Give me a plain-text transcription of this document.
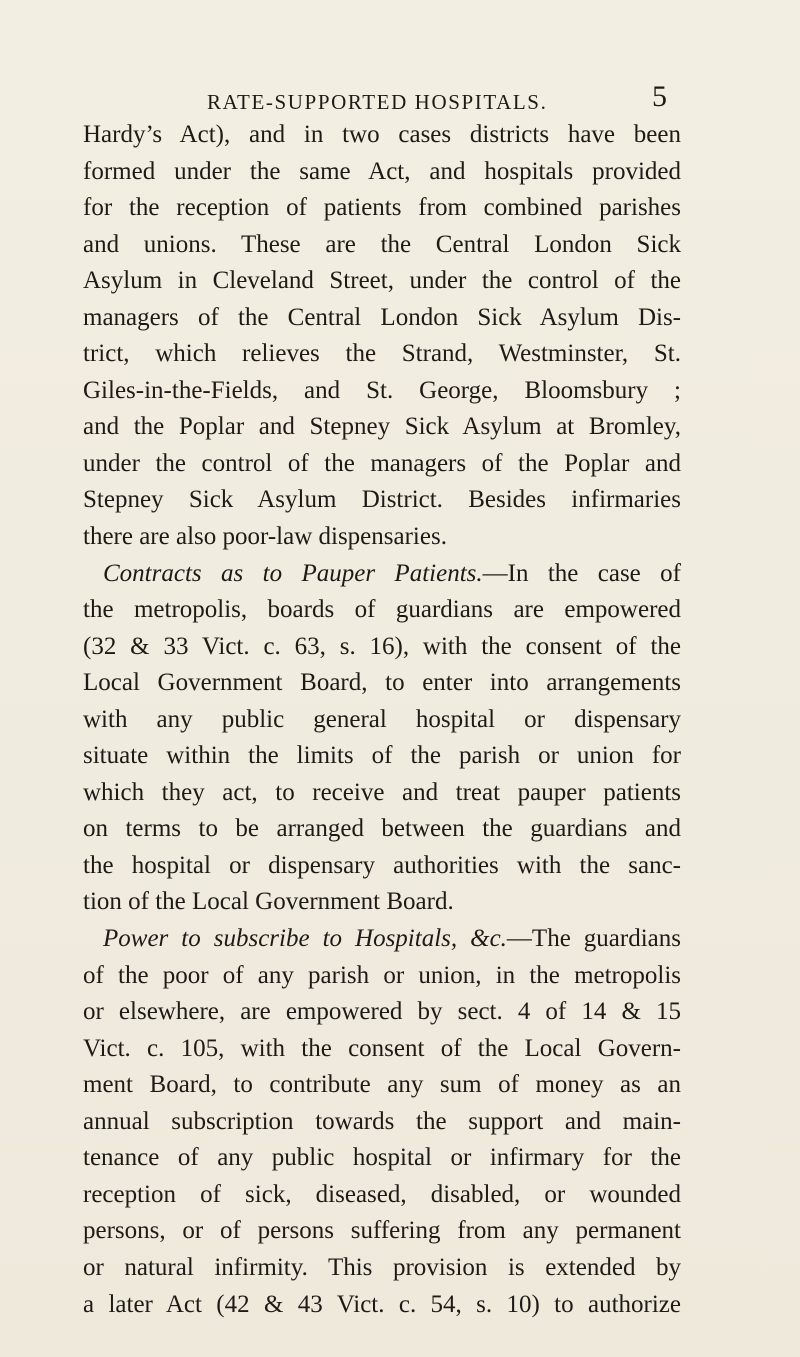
RATE-SUPPORTED HOSPITALS.	5
Hardy’s Act), and in two cases districts have been
formed under the same Act, and hospitals provided
for the reception of patients from combined parishes
and unions. These are the Central London Sick
Asylum in Cleveland Street, under the control of the
managers of the Central London Sick Asylum Dis-
trict, which relieves the Strand, Westminster, St.
Giles-in-the-Fields, and St. George, Bloomsbury ;
and the Poplar and Stepney Sick Asylum at Bromley,
under the control of the managers of the Poplar and
Stepney Sick Asylum District. Besides infirmaries
there are also poor-law dispensaries.
Contracts as to Pauper Patients.—In the case of
the metropolis, boards of guardians are empowered
(32 & 33 Vict. c. 63, s. 16), with the consent of the
Local Government Board, to enter into arrangements
with any public general hospital or dispensary
situate within the limits of the parish or union for
which they act, to receive and treat pauper patients
on terms to be arranged between the guardians and
the hospital or dispensary authorities with the sanc-
tion of the Local Government Board.
Power to subscribe to Hospitals, &c.—The guardians
of the poor of any parish or union, in the metropolis
or elsewhere, are empowered by sect. 4 of 14 & 15
Vict. c. 105, with the consent of the Local Govern-
ment Board, to contribute any sum of money as an
annual subscription towards the support and main-
tenance of any public hospital or infirmary for the
reception of sick, diseased, disabled, or wounded
persons, or of persons suffering from any permanent
or natural infirmity. This provision is extended by
a later Act (42 & 43 Vict. c. 54, s. 10) to authorize
